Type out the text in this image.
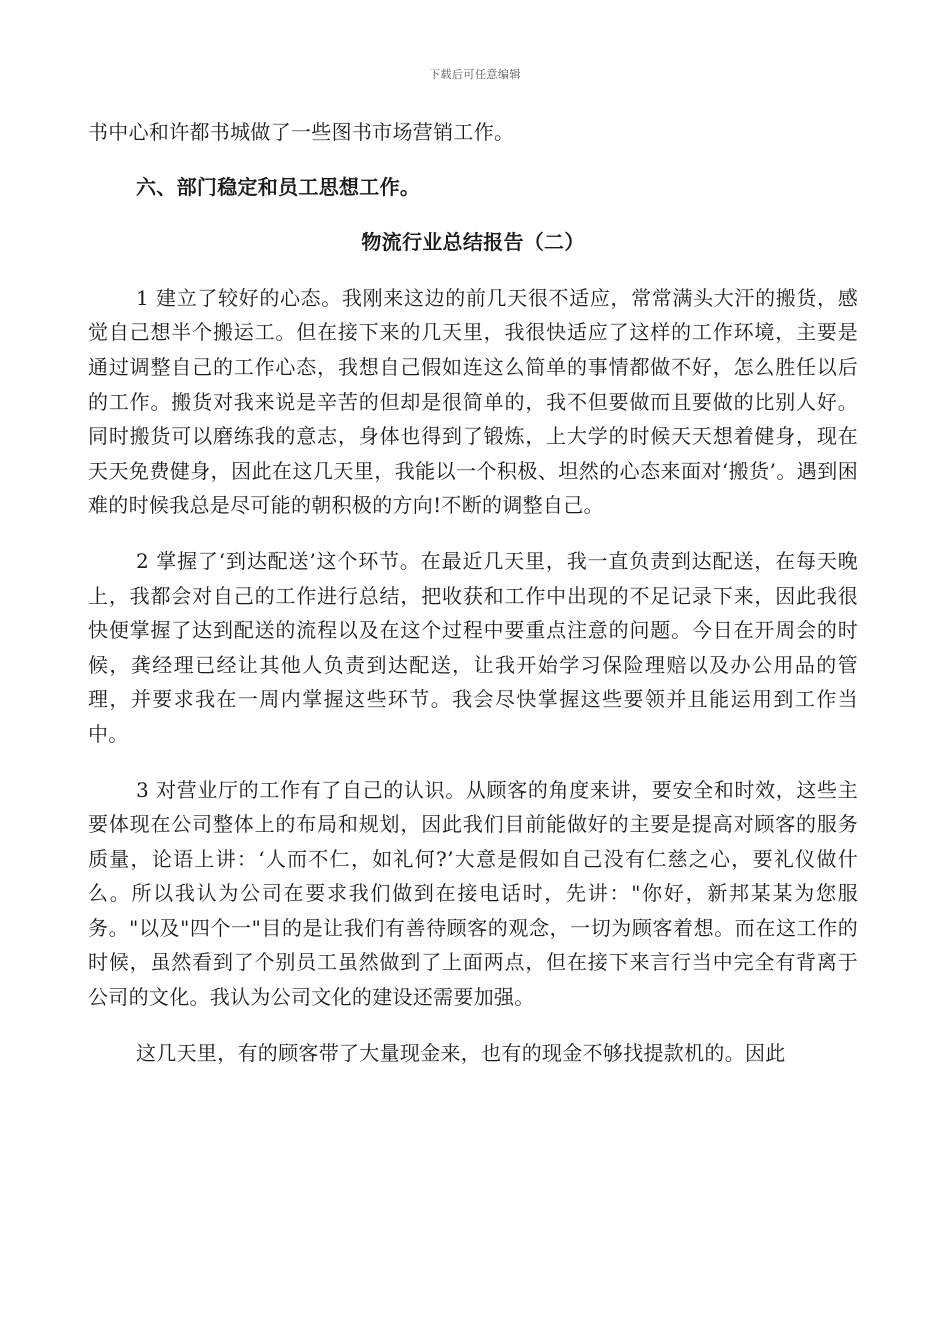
下载后可任意编辑

书中心和许都书城做了一些图书市场营销工作。

六、部门稳定和员工思想工作。

物流行业总结报告（二）

1 建立了较好的心态。我刚来这边的前几天很不适应，常常满头大汗的搬货，感觉自己想半个搬运工。但在接下来的几天里，我很快适应了这样的工作环境，主要是通过调整自己的工作心态，我想自己假如连这么简单的事情都做不好，怎么胜任以后的工作。搬货对我来说是辛苦的但却是很简单的，我不但要做而且要做的比别人好。同时搬货可以磨练我的意志，身体也得到了锻炼，上大学的时候天天想着健身，现在天天免费健身，因此在这几天里，我能以一个积极、坦然的心态来面对‘搬货’。遇到困难的时候我总是尽可能的朝积极的方向!不断的调整自己。

2 掌握了‘到达配送’这个环节。在最近几天里，我一直负责到达配送，在每天晚上，我都会对自己的工作进行总结，把收获和工作中出现的不足记录下来，因此我很快便掌握了达到配送的流程以及在这个过程中要重点注意的问题。今日在开周会的时候，龚经理已经让其他人负责到达配送，让我开始学习保险理赔以及办公用品的管理，并要求我在一周内掌握这些环节。我会尽快掌握这些要领并且能运用到工作当中。

3 对营业厅的工作有了自己的认识。从顾客的角度来讲，要安全和时效，这些主要体现在公司整体上的布局和规划，因此我们目前能做好的主要是提高对顾客的服务质量，论语上讲：‘人而不仁，如礼何?’大意是假如自己没有仁慈之心，要礼仪做什么。所以我认为公司在要求我们做到在接电话时，先讲："你好，新邦某某为您服务。"以及"四个一"目的是让我们有善待顾客的观念，一切为顾客着想。而在这工作的时候，虽然看到了个别员工虽然做到了上面两点，但在接下来言行当中完全有背离于公司的文化。我认为公司文化的建设还需要加强。

这几天里，有的顾客带了大量现金来，也有的现金不够找提款机的。因此
